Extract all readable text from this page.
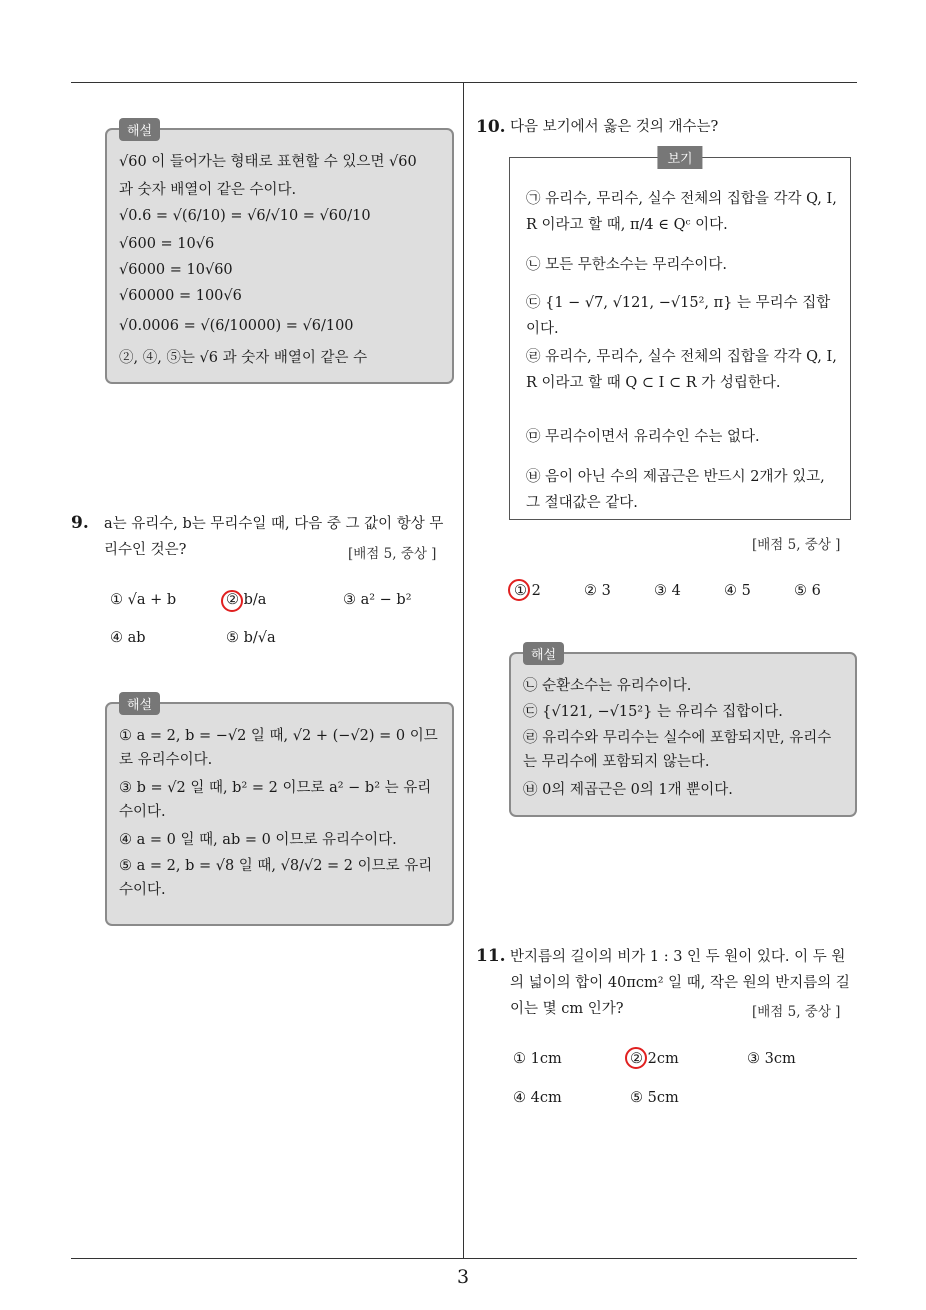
해설
√60 이 들어가는 형태로 표현할 수 있으면 √60
과 숫자 배열이 같은 수이다.
√0.6 = √(6/10) = √6/√10 = √60/10
√600 = 10√6
√6000 = 10√60
√60000 = 100√6
√0.0006 = √(6/10000) = √6/100
②, ④, ⑤는 √6 과 숫자 배열이 같은 수
9. a는 유리수, b는 무리수일 때, 다음 중 그 값이 항상 무리수인 것은?	[배점 5, 중상 ]
① √a + b	② b/a	③ a² − b²
④ ab	⑤ b/√a
해설
① a = 2, b = −√2 일 때, √2 + (−√2) = 0 이므로 유리수이다.
③ b = √2 일 때, b² = 2 이므로 a² − b² 는 유리수이다.
④ a = 0 일 때, ab = 0 이므로 유리수이다.
⑤ a = 2, b = √8 일 때, √8/√2 = 2 이므로 유리수이다.
10. 다음 보기에서 옳은 것의 개수는?
보기
㉠ 유리수, 무리수, 실수 전체의 집합을 각각 Q, I, R 이라고 할 때, π/4 ∈ Qᶜ 이다.
㉡ 모든 무한소수는 무리수이다.
㉢ {1 − √7, √121, −√15², π} 는 무리수 집합이다.
㉣ 유리수, 무리수, 실수 전체의 집합을 각각 Q, I, R 이라고 할 때 Q ⊂ I ⊂ R 가 성립한다.
㉤ 무리수이면서 유리수인 수는 없다.
㉥ 음이 아닌 수의 제곱근은 반드시 2개가 있고, 그 절대값은 같다.
[배점 5, 중상 ]
① 2	② 3	③ 4	④ 5	⑤ 6
해설
㉡ 순환소수는 유리수이다.
㉢ {√121, −√15²} 는 유리수 집합이다.
㉣ 유리수와 무리수는 실수에 포함되지만, 유리수는 무리수에 포함되지 않는다.
㉥ 0의 제곱근은 0의 1개 뿐이다.
11. 반지름의 길이의 비가 1 : 3 인 두 원이 있다. 이 두 원의 넓이의 합이 40πcm² 일 때, 작은 원의 반지름의 길이는 몇 cm 인가?	[배점 5, 중상 ]
① 1cm	② 2cm	③ 3cm
④ 4cm	⑤ 5cm
3
